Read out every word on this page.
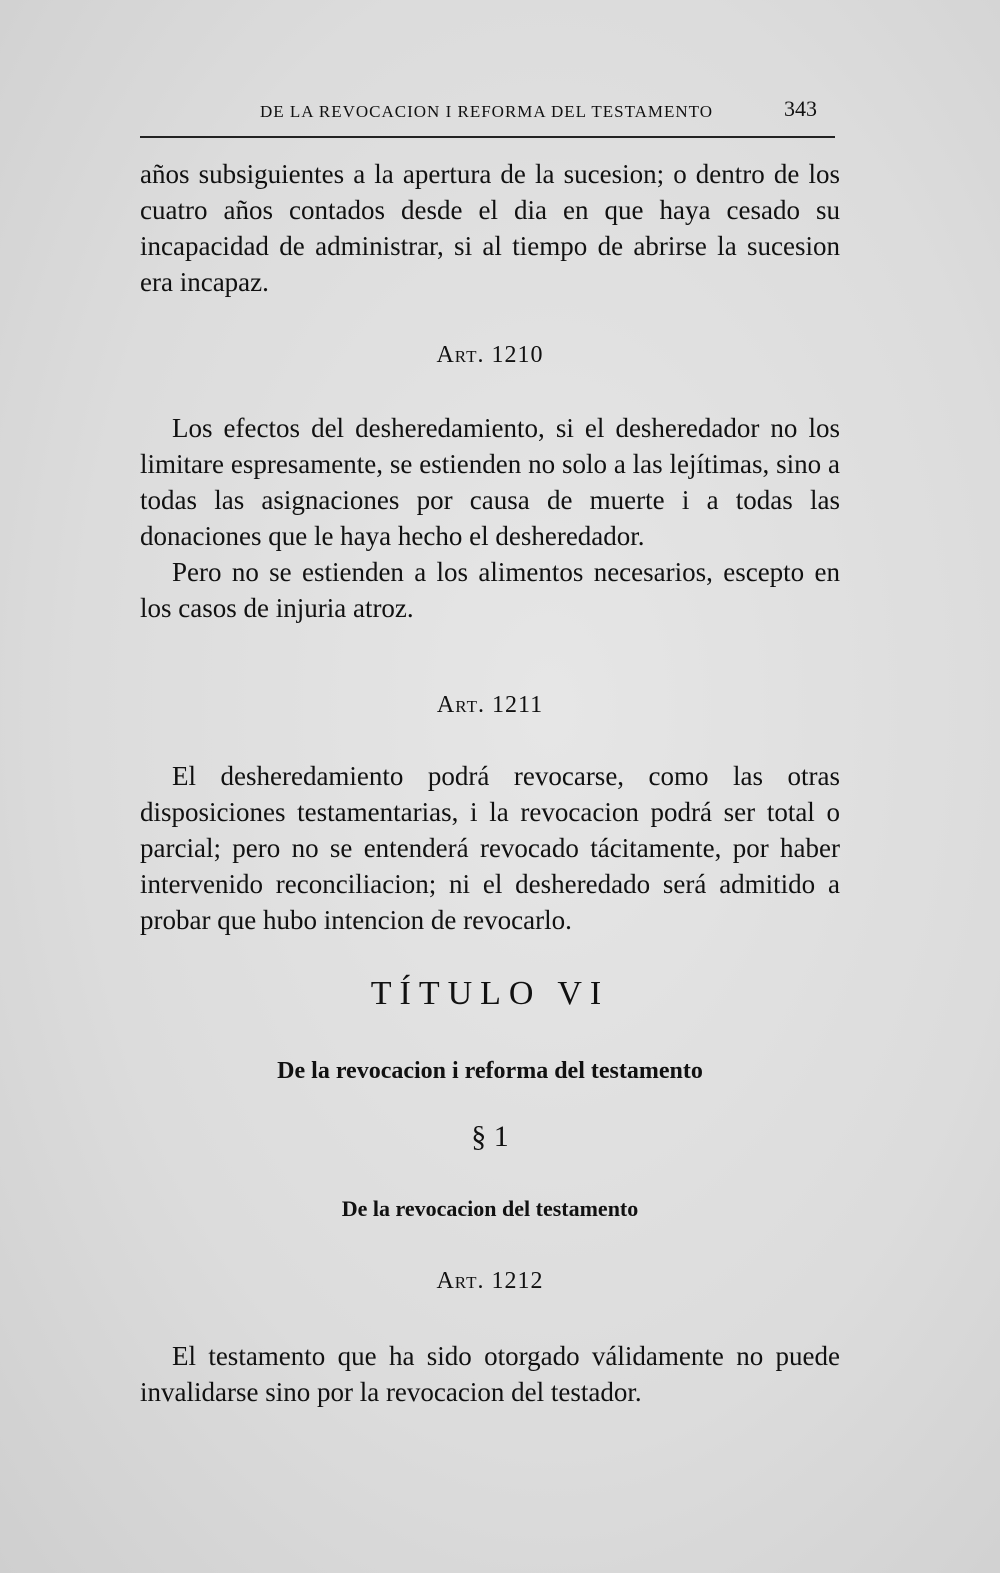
DE LA REVOCACION I REFORMA DEL TESTAMENTO	343

años subsiguientes a la apertura de la sucesion; o dentro de los cuatro años contados desde el dia en que haya cesado su incapacidad de administrar, si al tiempo de abrirse la sucesion era incapaz.

Art. 1210

Los efectos del desheredamiento, si el desheredador no los limitare espresamente, se estienden no solo a las lejítimas, sino a todas las asignaciones por causa de muerte i a todas las donaciones que le haya hecho el desheredador.

Pero no se estienden a los alimentos necesarios, escepto en los casos de injuria atroz.

Art. 1211

El desheredamiento podrá revocarse, como las otras disposiciones testamentarias, i la revocacion podrá ser total o parcial; pero no se entenderá revocado tácitamente, por haber intervenido reconciliacion; ni el desheredado será admitido a probar que hubo intencion de revocarlo.

TÍTULO VI
De la revocacion i reforma del testamento
§ 1
De la revocacion del testamento
Art. 1212

El testamento que ha sido otorgado válidamente no puede invalidarse sino por la revocacion del testador.
